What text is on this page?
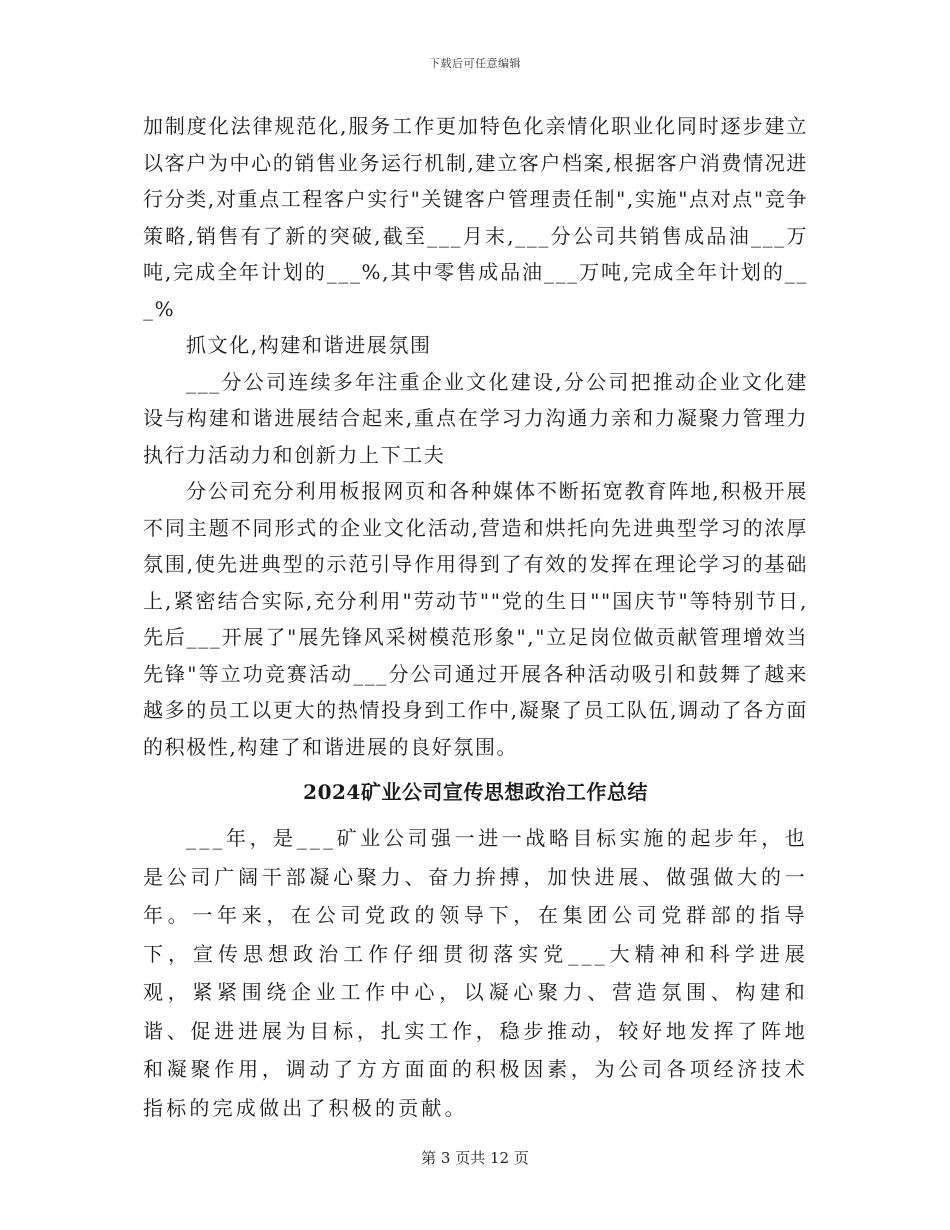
下载后可任意编辑

加制度化法律规范化,服务工作更加特色化亲情化职业化同时逐步建立以客户为中心的销售业务运行机制,建立客户档案,根据客户消费情况进行分类,对重点工程客户实行"关键客户管理责任制",实施"点对点"竞争策略,销售有了新的突破,截至___月末,___分公司共销售成品油___万吨,完成全年计划的___%,其中零售成品油___万吨,完成全年计划的___%

抓文化,构建和谐进展氛围

___分公司连续多年注重企业文化建设,分公司把推动企业文化建设与构建和谐进展结合起来,重点在学习力沟通力亲和力凝聚力管理力执行力活动力和创新力上下工夫

分公司充分利用板报网页和各种媒体不断拓宽教育阵地,积极开展不同主题不同形式的企业文化活动,营造和烘托向先进典型学习的浓厚氛围,使先进典型的示范引导作用得到了有效的发挥在理论学习的基础上,紧密结合实际,充分利用"劳动节""党的生日""国庆节"等特别节日,先后___开展了"展先锋风采树模范形象","立足岗位做贡献管理增效当先锋"等立功竞赛活动___分公司通过开展各种活动吸引和鼓舞了越来越多的员工以更大的热情投身到工作中,凝聚了员工队伍,调动了各方面的积极性,构建了和谐进展的良好氛围。

2024矿业公司宣传思想政治工作总结

___年，是___矿业公司强一进一战略目标实施的起步年，也是公司广阔干部凝心聚力、奋力拚搏，加快进展、做强做大的一年。一年来，在公司党政的领导下，在集团公司党群部的指导下，宣传思想政治工作仔细贯彻落实党___大精神和科学进展观，紧紧围绕企业工作中心，以凝心聚力、营造氛围、构建和谐、促进进展为目标，扎实工作，稳步推动，较好地发挥了阵地和凝聚作用，调动了方方面面的积极因素，为公司各项经济技术指标的完成做出了积极的贡献。

第 3 页共 12 页
